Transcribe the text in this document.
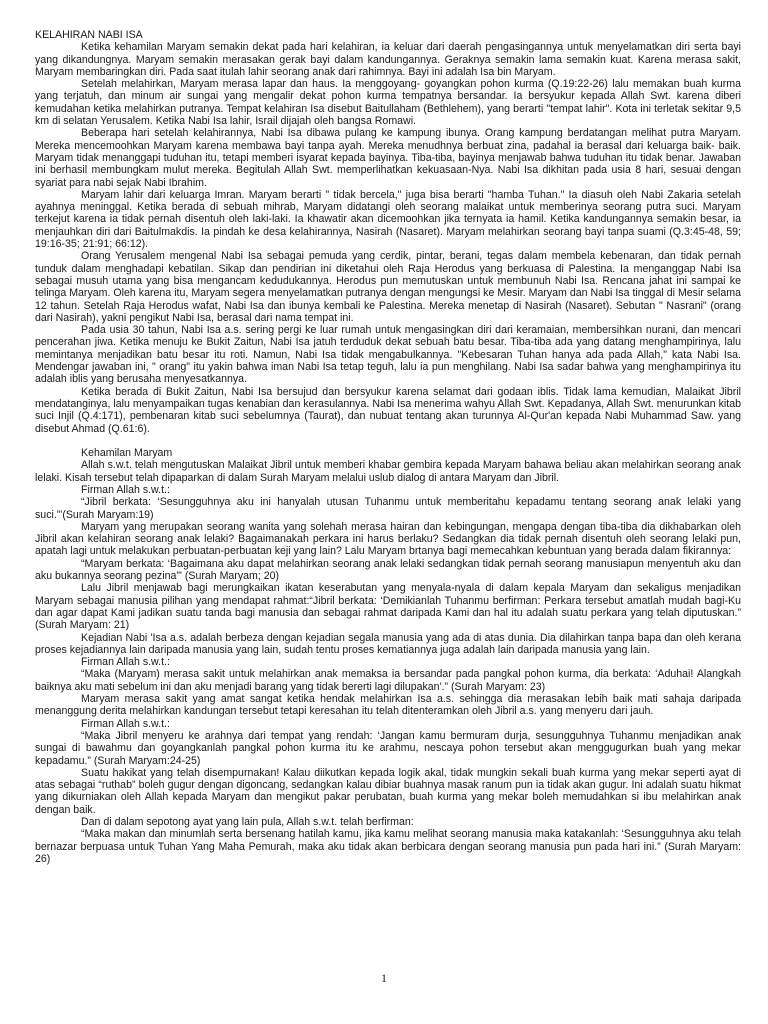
KELAHIRAN NABI ISA

Ketika kehamilan Maryam semakin dekat pada hari kelahiran, ia keluar dari daerah pengasingannya untuk menyelamatkan diri serta bayi yang dikandungnya. Maryam semakin merasakan gerak bayi dalam kandungannya. Geraknya semakin lama semakin kuat. Karena merasa sakit, Maryam membaringkan diri. Pada saat itulah lahir seorang anak dari rahimnya. Bayi ini adalah Isa bin Maryam.

Setelah melahirkan, Maryam merasa lapar dan haus. Ia menggoyang- goyangkan pohon kurma (Q.19:22-26) lalu memakan buah kurma yang terjatuh, dan minum air sungai yang mengalir dekat pohon kurma tempatnya bersandar. Ia bersyukur kepada Allah Swt. karena diberi kemudahan ketika melahirkan putranya. Tempat kelahiran Isa disebut Baitullaham (Bethlehem), yang berarti "tempat lahir". Kota ini terletak sekitar 9,5 km di selatan Yerusalem. Ketika Nabi Isa lahir, Israil dijajah oleh bangsa Romawi.

Beberapa hari setelah kelahirannya, Nabi Isa dibawa pulang ke kampung ibunya. Orang kampung berdatangan melihat putra Maryam. Mereka mencemoohkan Maryam karena membawa bayi tanpa ayah. Mereka menudhnya berbuat zina, padahal ia berasal dari keluarga baik- baik. Maryam tidak menanggapi tuduhan itu, tetapi memberi isyarat kepada bayinya. Tiba-tiba, bayinya menjawab bahwa tuduhan itu tidak benar. Jawaban ini berhasil membungkam mulut mereka. Begitulah Allah Swt. memperlihatkan kekuasaan-Nya. Nabi Isa dikhitan pada usia 8 hari, sesuai dengan syariat para nabi sejak Nabi Ibrahim.

Maryam lahir dari keluarga Imran. Maryam berarti " tidak bercela," juga bisa berarti "hamba Tuhan." Ia diasuh oleh Nabi Zakaria setelah ayahnya meninggal. Ketika berada di sebuah mihrab, Maryam didatangi oleh seorang malaikat untuk memberinya seorang putra suci. Maryam terkejut karena ia tidak pernah disentuh oleh laki-laki. Ia khawatir akan dicemoohkan jika ternyata ia hamil. Ketika kandungannya semakin besar, ia menjauhkan diri dari Baitulmakdis. Ia pindah ke desa kelahirannya, Nasirah (Nasaret). Maryam melahirkan seorang bayi tanpa suami (Q.3:45-48, 59; 19:16-35; 21:91; 66:12).

Orang Yerusalem mengenal Nabi Isa sebagai pemuda yang cerdik, pintar, berani, tegas dalam membela kebenaran, dan tidak pernah tunduk dalam menghadapi kebatilan. Sikap dan pendirian ini diketahui oleh Raja Herodus yang berkuasa di Palestina. Ia menganggap Nabi Isa sebagai musuh utama yang bisa mengancam kedudukannya. Herodus pun memutuskan untuk membunuh Nabi Isa. Rencana jahat ini sampai ke telinga Maryam. Oleh karena itu, Maryam segera menyelamatkan putranya dengan mengungsi ke Mesir. Maryam dan Nabi Isa tinggal di Mesir selama 12 tahun. Setelah Raja Herodus wafat, Nabi Isa dan ibunya kembali ke Palestina. Mereka menetap di Nasirah (Nasaret). Sebutan " Nasrani" (orang dari Nasirah), yakni pengikut Nabi Isa, berasal dari nama tempat ini.

Pada usia 30 tahun, Nabi Isa a.s. sering pergi ke luar rumah untuk mengasingkan diri dari keramaian, membersihkan nurani, dan mencari pencerahan jiwa. Ketika menuju ke Bukit Zaitun, Nabi Isa jatuh terduduk dekat sebuah batu besar. Tiba-tiba ada yang datang menghampirinya, lalu memintanya menjadikan batu besar itu roti. Namun, Nabi Isa tidak mengabulkannya. "Kebesaran Tuhan hanya ada pada Allah," kata Nabi Isa. Mendengar jawaban ini, " orang" itu yakin bahwa iman Nabi Isa tetap teguh, lalu ia pun menghilang. Nabi Isa sadar bahwa yang menghampirinya itu adalah iblis yang berusaha menyesatkannya.

Ketika berada di Bukit Zaitun, Nabi Isa bersujud dan bersyukur karena selamat dari godaan iblis. Tidak lama kemudian, Malaikat Jibril mendatanginya, lalu menyampaikan tugas kenabian dan kerasulannya. Nabi Isa menerima wahyu Allah Swt. Kepadanya, Allah Swt. menurunkan kitab suci Injil (Q.4:171), pembenaran kitab suci sebelumnya (Taurat), dan nubuat tentang akan turunnya Al-Qur'an kepada Nabi Muhammad Saw. yang disebut Ahmad (Q.61:6).

Kehamilan Maryam

Allah s.w.t. telah mengutuskan Malaikat Jibril untuk memberi khabar gembira kepada Maryam bahawa beliau akan melahirkan seorang anak lelaki. Kisah tersebut telah dipaparkan di dalam Surah Maryam melalui uslub dialog di antara Maryam dan Jibril.

Firman Allah s.w.t.:

“Jibril berkata: ‘Sesungguhnya aku ini hanyalah utusan Tuhanmu untuk memberitahu kepadamu tentang seorang anak lelaki yang suci.”'(Surah Maryam:19)

Maryam yang merupakan seorang wanita yang solehah merasa hairan dan kebingungan, mengapa dengan tiba-tiba dia dikhabarkan oleh Jibril akan kelahiran seorang anak lelaki? Bagaimanakah perkara ini harus berlaku? Sedangkan dia tidak pernah disentuh oleh seorang lelaki pun, apatah lagi untuk melakukan perbuatan-perbuatan keji yang lain? Lalu Maryam brtanya bagi memecahkan kebuntuan yang berada dalam fikirannya:

“Maryam berkata: ‘Bagaimana aku dapat melahirkan seorang anak lelaki sedangkan tidak pernah seorang manusiapun menyentuh aku dan aku bukannya seorang pezina”' (Surah Maryam; 20)

Lalu Jibril menjawab bagi merungkaikan ikatan keserabutan yang menyala-nyala di dalam kepala Maryam dan sekaligus menjadikan Maryam sebagai manusia pilihan yang mendapat rahmat:“Jibril berkata: ‘Demikianlah Tuhanmu berfirman: Perkara tersebut amatlah mudah bagi-Ku dan agar dapat Kami jadikan suatu tanda bagi manusia dan sebagai rahmat daripada Kami dan hal itu adalah suatu perkara yang telah diputuskan.” (Surah Maryam: 21)

Kejadian Nabi 'Isa a.s. adalah berbeza dengan kejadian segala manusia yang ada di atas dunia. Dia dilahirkan tanpa bapa dan oleh kerana proses kejadiannya lain daripada manusia yang lain, sudah tentu proses kematiannya juga adalah lain daripada manusia yang lain.

Firman Allah s.w.t.:

“Maka (Maryam) merasa sakit untuk melahirkan anak memaksa ia bersandar pada pangkal pohon kurma, dia berkata: ‘Aduhai! Alangkah baiknya aku mati sebelum ini dan aku menjadi barang yang tidak bererti lagi dilupakan'.” (Surah Maryam: 23)

Maryam merasa sakit yang amat sangat ketika hendak melahirkan Isa a.s. sehingga dia merasakan lebih baik mati sahaja daripada menanggung derita melahirkan kandungan tersebut tetapi keresahan itu telah ditenteramkan oleh Jibril a.s. yang menyeru dari jauh.

Firman Allah s.w.t.:

“Maka Jibril menyeru ke arahnya dari tempat yang rendah: ‘Jangan kamu bermuram durja, sesungguhnya Tuhanmu menjadikan anak sungai di bawahmu dan goyangkanlah pangkal pohon kurma itu ke arahmu, nescaya pohon tersebut akan menggugurkan buah yang mekar kepadamu.” (Surah Maryam:24-25)

Suatu hakikat yang telah disempurnakan! Kalau diikutkan kepada logik akal, tidak mungkin sekali buah kurma yang mekar seperti ayat di atas sebagai “ruthab” boleh gugur dengan digoncang, sedangkan kalau dibiar buahnya masak ranum pun ia tidak akan gugur. Ini adalah suatu hikmat yang dikurniakan oleh Allah kepada Maryam dan mengikut pakar perubatan, buah kurma yang mekar boleh memudahkan si ibu melahirkan anak dengan baik.

Dan di dalam sepotong ayat yang lain pula, Allah s.w.t. telah berfirman:

“Maka makan dan minumlah serta bersenang hatilah kamu, jika kamu melihat seorang manusia maka katakanlah: ‘Sesungguhnya aku telah bernazar berpuasa untuk Tuhan Yang Maha Pemurah, maka aku tidak akan berbicara dengan seorang manusia pun pada hari ini.” (Surah Maryam: 26)

1
